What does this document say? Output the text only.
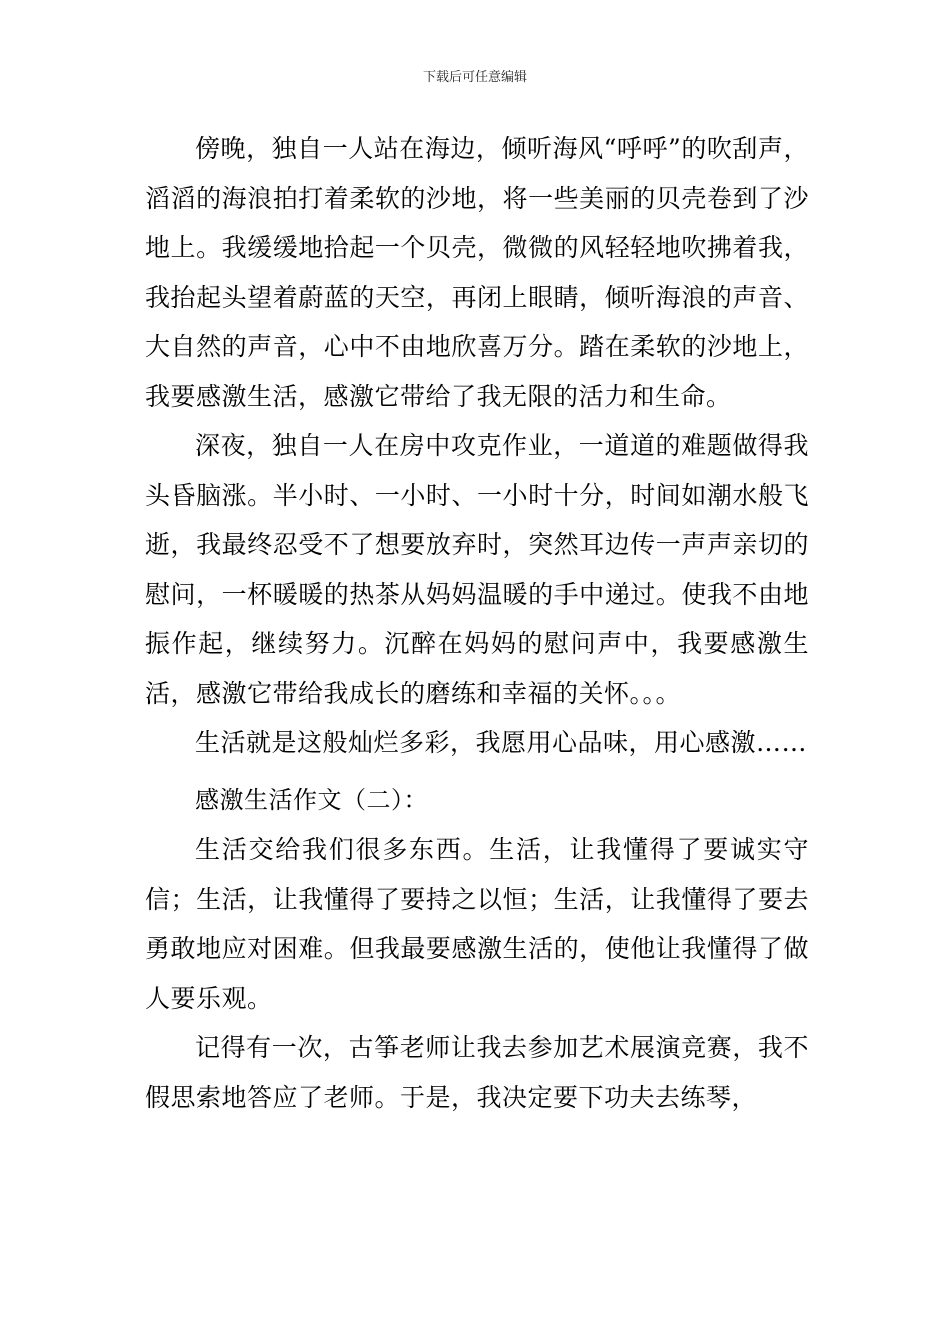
下载后可任意编辑

傍晚，独自一人站在海边，倾听海风“呼呼”的吹刮声，滔滔的海浪拍打着柔软的沙地，将一些美丽的贝壳卷到了沙地上。我缓缓地拾起一个贝壳，微微的风轻轻地吹拂着我，我抬起头望着蔚蓝的天空，再闭上眼睛，倾听海浪的声音、大自然的声音，心中不由地欣喜万分。踏在柔软的沙地上，我要感激生活，感激它带给了我无限的活力和生命。

深夜，独自一人在房中攻克作业，一道道的难题做得我头昏脑涨。半小时、一小时、一小时十分，时间如潮水般飞逝，我最终忍受不了想要放弃时，突然耳边传一声声亲切的慰问，一杯暖暖的热茶从妈妈温暖的手中递过。使我不由地振作起，继续努力。沉醉在妈妈的慰问声中，我要感激生活，感激它带给我成长的磨练和幸福的关怀。。。

生活就是这般灿烂多彩，我愿用心品味，用心感激……

感激生活作文（二）：

生活交给我们很多东西。生活，让我懂得了要诚实守信；生活，让我懂得了要持之以恒；生活，让我懂得了要去勇敢地应对困难。但我最要感激生活的，使他让我懂得了做人要乐观。

记得有一次，古筝老师让我去参加艺术展演竞赛，我不假思索地答应了老师。于是，我决定要下功夫去练琴，
